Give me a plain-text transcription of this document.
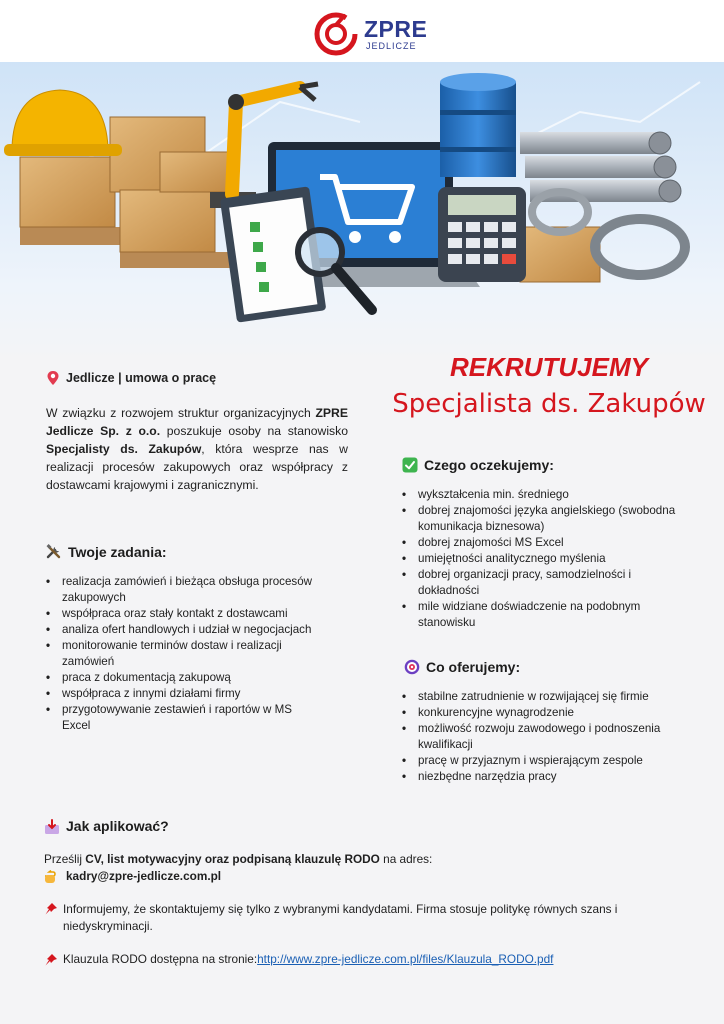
ZPRE
JEDLICZE
Jedlicze | umowa o pracę
W związku z rozwojem struktur organizacyjnych ZPRE Jedlicze Sp. z o.o. poszukuje osoby na stanowisko Specjalisty ds. Zakupów, która wesprze nas w realizacji procesów zakupowych oraz współpracy z dostawcami krajowymi i zagranicznymi.
Twoje zadania:
• realizacja zamówień i bieżąca obsługa procesów zakupowych
• współpraca oraz stały kontakt z dostawcami
• analiza ofert handlowych i udział w negocjacjach
• monitorowanie terminów dostaw i realizacji zamówień
• praca z dokumentacją zakupową
• współpraca z innymi działami firmy
• przygotowywanie zestawień i raportów w MS Excel
REKRUTUJEMY
Specjalista ds. Zakupów
Czego oczekujemy:
• wykształcenia min. średniego
• dobrej znajomości języka angielskiego (swobodna komunikacja biznesowa)
• dobrej znajomości MS Excel
• umiejętności analitycznego myślenia
• dobrej organizacji pracy, samodzielności i dokładności
• mile widziane doświadczenie na podobnym stanowisku
Co oferujemy:
• stabilne zatrudnienie w rozwijającej się firmie
• konkurencyjne wynagrodzenie
• możliwość rozwoju zawodowego i podnoszenia kwalifikacji
• pracę w przyjaznym i wspierającym zespole
• niezbędne narzędzia pracy
Jak aplikować?
Prześlij CV, list motywacyjny oraz podpisaną klauzulę RODO na adres:
kadry@zpre-jedlicze.com.pl
Informujemy, że skontaktujemy się tylko z wybranymi kandydatami. Firma stosuje politykę równych szans i niedyskryminacji.
Klauzula RODO dostępna na stronie: http://www.zpre-jedlicze.com.pl/files/Klauzula_RODO.pdf
